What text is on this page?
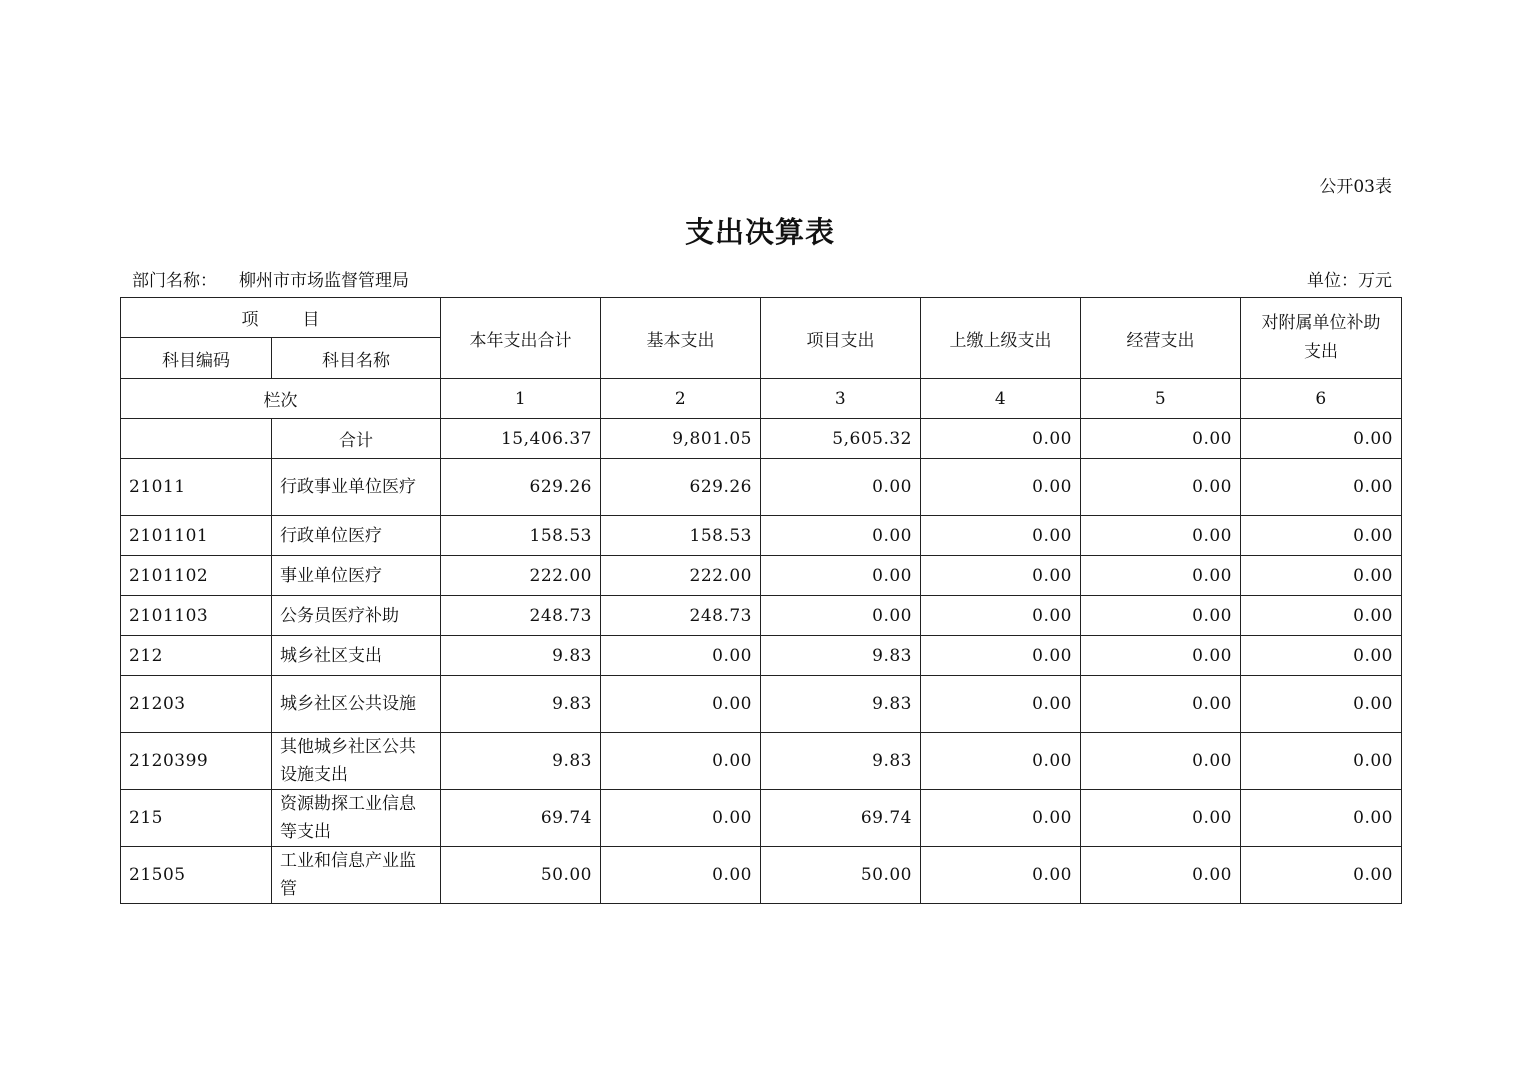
公开03表
支出决算表
部门名称： 柳州市市场监督管理局	单位：万元
项 目		本年支出合计	基本支出	项目支出	上缴上级支出	经营支出	对附属单位补助支出
科目编码	科目名称						
栏次		1	2	3	4	5	6
	合计	15,406.37	9,801.05	5,605.32	0.00	0.00	0.00
21011	行政事业单位医疗	629.26	629.26	0.00	0.00	0.00	0.00
2101101	行政单位医疗	158.53	158.53	0.00	0.00	0.00	0.00
2101102	事业单位医疗	222.00	222.00	0.00	0.00	0.00	0.00
2101103	公务员医疗补助	248.73	248.73	0.00	0.00	0.00	0.00
212	城乡社区支出	9.83	0.00	9.83	0.00	0.00	0.00
21203	城乡社区公共设施	9.83	0.00	9.83	0.00	0.00	0.00
2120399	其他城乡社区公共设施支出	9.83	0.00	9.83	0.00	0.00	0.00
215	资源勘探工业信息等支出	69.74	0.00	69.74	0.00	0.00	0.00
21505	工业和信息产业监管	50.00	0.00	50.00	0.00	0.00	0.00
